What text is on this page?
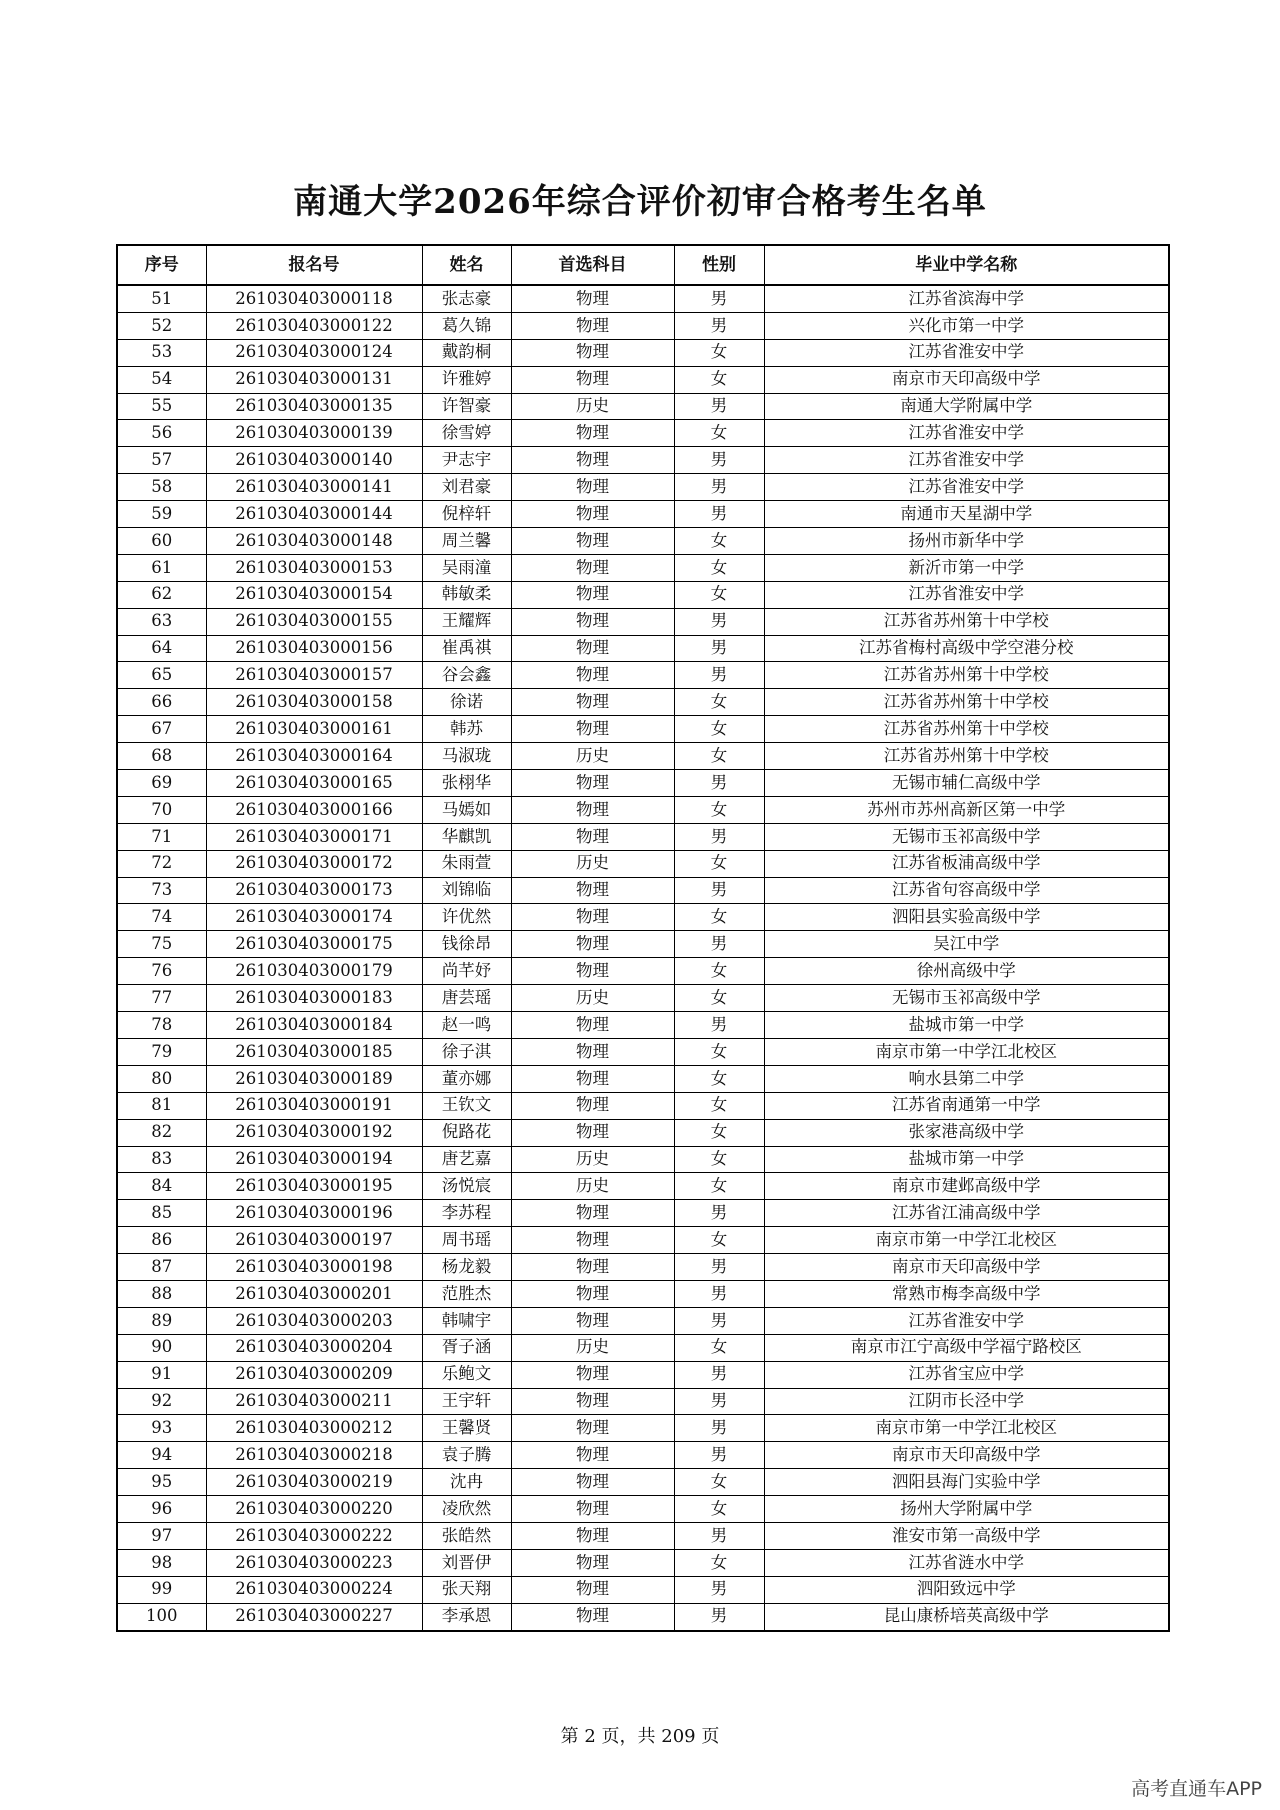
南通大学2026年综合评价初审合格考生名单
序号	报名号	姓名	首选科目	性别	毕业中学名称
51	261030403000118	张志豪	物理	男	江苏省滨海中学
52	261030403000122	葛久锦	物理	男	兴化市第一中学
53	261030403000124	戴韵桐	物理	女	江苏省淮安中学
54	261030403000131	许雅婷	物理	女	南京市天印高级中学
55	261030403000135	许智豪	历史	男	南通大学附属中学
56	261030403000139	徐雪婷	物理	女	江苏省淮安中学
57	261030403000140	尹志宇	物理	男	江苏省淮安中学
58	261030403000141	刘君豪	物理	男	江苏省淮安中学
59	261030403000144	倪梓轩	物理	男	南通市天星湖中学
60	261030403000148	周兰馨	物理	女	扬州市新华中学
61	261030403000153	吴雨潼	物理	女	新沂市第一中学
62	261030403000154	韩敏柔	物理	女	江苏省淮安中学
63	261030403000155	王耀辉	物理	男	江苏省苏州第十中学校
64	261030403000156	崔禹祺	物理	男	江苏省梅村高级中学空港分校
65	261030403000157	谷会鑫	物理	男	江苏省苏州第十中学校
66	261030403000158	徐诺	物理	女	江苏省苏州第十中学校
67	261030403000161	韩苏	物理	女	江苏省苏州第十中学校
68	261030403000164	马淑珑	历史	女	江苏省苏州第十中学校
69	261030403000165	张栩华	物理	男	无锡市辅仁高级中学
70	261030403000166	马嫣如	物理	女	苏州市苏州高新区第一中学
71	261030403000171	华麒凯	物理	男	无锡市玉祁高级中学
72	261030403000172	朱雨萱	历史	女	江苏省板浦高级中学
73	261030403000173	刘锦临	物理	男	江苏省句容高级中学
74	261030403000174	许优然	物理	女	泗阳县实验高级中学
75	261030403000175	钱徐昂	物理	男	吴江中学
76	261030403000179	尚芊妤	物理	女	徐州高级中学
77	261030403000183	唐芸瑶	历史	女	无锡市玉祁高级中学
78	261030403000184	赵一鸣	物理	男	盐城市第一中学
79	261030403000185	徐子淇	物理	女	南京市第一中学江北校区
80	261030403000189	董亦娜	物理	女	响水县第二中学
81	261030403000191	王钦文	物理	女	江苏省南通第一中学
82	261030403000192	倪路花	物理	女	张家港高级中学
83	261030403000194	唐艺嘉	历史	女	盐城市第一中学
84	261030403000195	汤悦宸	历史	女	南京市建邺高级中学
85	261030403000196	李苏程	物理	男	江苏省江浦高级中学
86	261030403000197	周书瑶	物理	女	南京市第一中学江北校区
87	261030403000198	杨龙毅	物理	男	南京市天印高级中学
88	261030403000201	范胜杰	物理	男	常熟市梅李高级中学
89	261030403000203	韩啸宇	物理	男	江苏省淮安中学
90	261030403000204	胥子涵	历史	女	南京市江宁高级中学福宁路校区
91	261030403000209	乐鲍文	物理	男	江苏省宝应中学
92	261030403000211	王宇轩	物理	男	江阴市长泾中学
93	261030403000212	王馨贤	物理	男	南京市第一中学江北校区
94	261030403000218	袁子腾	物理	男	南京市天印高级中学
95	261030403000219	沈冉	物理	女	泗阳县海门实验中学
96	261030403000220	凌欣然	物理	女	扬州大学附属中学
97	261030403000222	张皓然	物理	男	淮安市第一高级中学
98	261030403000223	刘晋伊	物理	女	江苏省涟水中学
99	261030403000224	张天翔	物理	男	泗阳致远中学
100	261030403000227	李承恩	物理	男	昆山康桥培英高级中学
第 2 页，共 209 页
高考直通车APP
